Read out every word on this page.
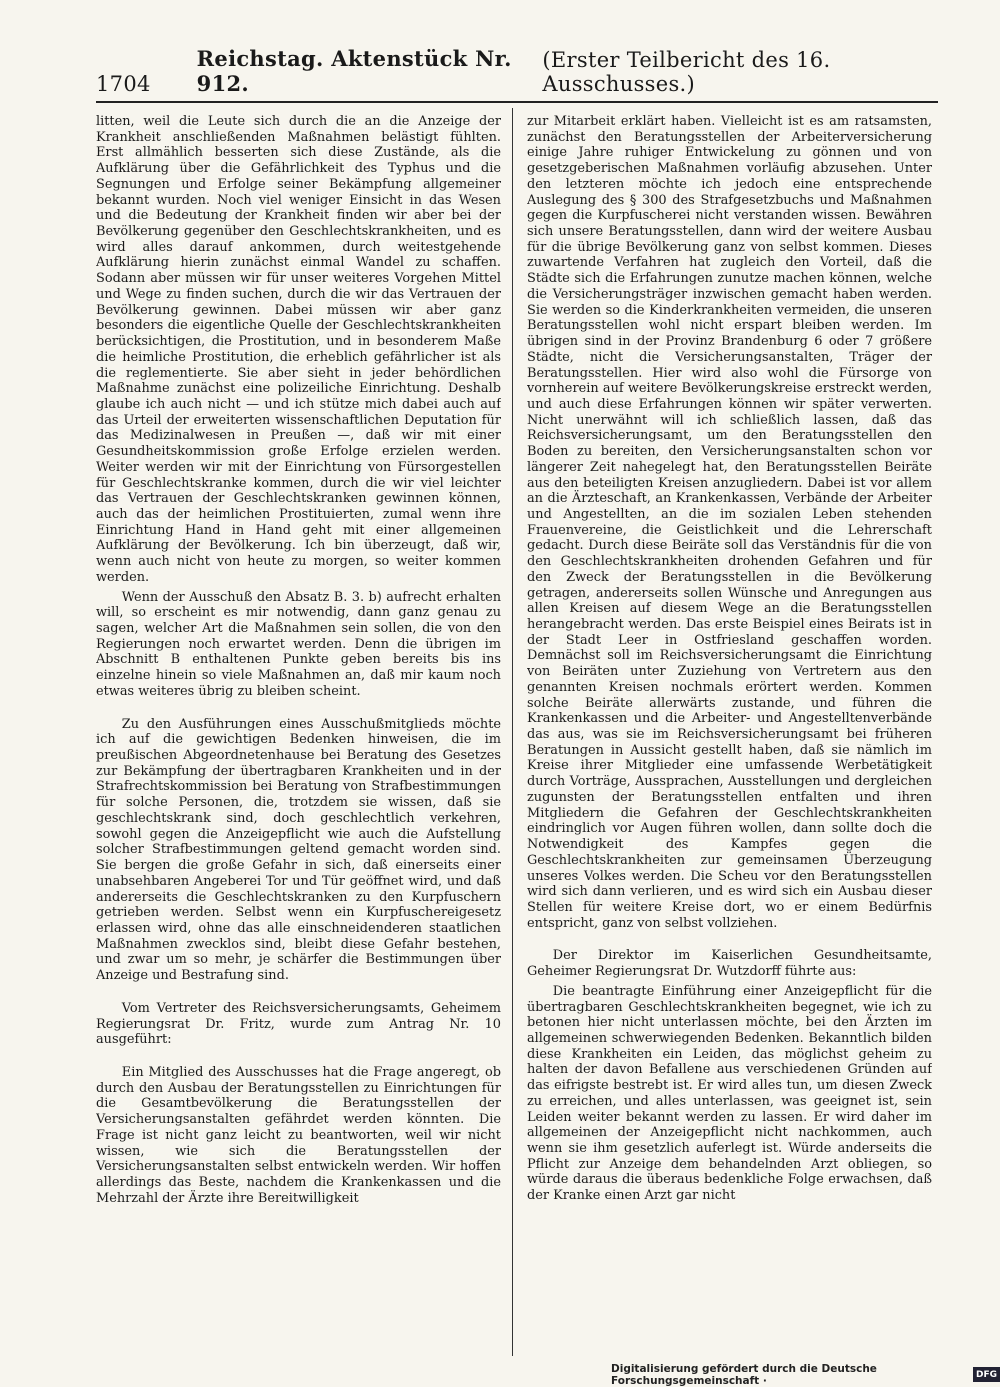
1704
Reichstag. Aktenstück Nr. 912.
(Erster Teilbericht des 16. Ausschusses.)

litten, weil die Leute sich durch die an die Anzeige der Krankheit anschließenden Maßnahmen belästigt fühlten. Erst allmählich besserten sich diese Zustände, als die Aufklärung über die Gefährlichkeit des Typhus und die Segnungen und Erfolge seiner Bekämpfung allgemeiner bekannt wurden. Noch viel weniger Einsicht in das Wesen und die Bedeutung der Krankheit finden wir aber bei der Bevölkerung gegenüber den Geschlechtskrankheiten, und es wird alles darauf ankommen, durch weitestgehende Aufklärung hierin zunächst einmal Wandel zu schaffen. Sodann aber müssen wir für unser weiteres Vorgehen Mittel und Wege zu finden suchen, durch die wir das Vertrauen der Bevölkerung gewinnen. Dabei müssen wir aber ganz besonders die eigentliche Quelle der Geschlechtskrankheiten berücksichtigen, die Prostitution, und in besonderem Maße die heimliche Prostitution, die erheblich gefährlicher ist als die reglementierte. Sie aber sieht in jeder behördlichen Maßnahme zunächst eine polizeiliche Einrichtung. Deshalb glaube ich auch nicht — und ich stütze mich dabei auch auf das Urteil der erweiterten wissenschaftlichen Deputation für das Medizinalwesen in Preußen —, daß wir mit einer Gesundheitskommission große Erfolge erzielen werden. Weiter werden wir mit der Einrichtung von Fürsorgestellen für Geschlechtskranke kommen, durch die wir viel leichter das Vertrauen der Geschlechtskranken gewinnen können, auch das der heimlichen Prostituierten, zumal wenn ihre Einrichtung Hand in Hand geht mit einer allgemeinen Aufklärung der Bevölkerung. Ich bin überzeugt, daß wir, wenn auch nicht von heute zu morgen, so weiter kommen werden.

Wenn der Ausschuß den Absatz B. 3. b) aufrecht erhalten will, so erscheint es mir notwendig, dann ganz genau zu sagen, welcher Art die Maßnahmen sein sollen, die von den Regierungen noch erwartet werden. Denn die übrigen im Abschnitt B enthaltenen Punkte geben bereits bis ins einzelne hinein so viele Maßnahmen an, daß mir kaum noch etwas weiteres übrig zu bleiben scheint.

Zu den Ausführungen eines Ausschußmitglieds möchte ich auf die gewichtigen Bedenken hinweisen, die im preußischen Abgeordnetenhause bei Beratung des Gesetzes zur Bekämpfung der übertragbaren Krankheiten und in der Strafrechtskommission bei Beratung von Strafbestimmungen für solche Personen, die, trotzdem sie wissen, daß sie geschlechtskrank sind, doch geschlechtlich verkehren, sowohl gegen die Anzeigepflicht wie auch die Aufstellung solcher Strafbestimmungen geltend gemacht worden sind. Sie bergen die große Gefahr in sich, daß einerseits einer unabsehbaren Angeberei Tor und Tür geöffnet wird, und daß andererseits die Geschlechtskranken zu den Kurpfuschern getrieben werden. Selbst wenn ein Kurpfuschereigesetz erlassen wird, ohne das alle einschneidenderen staatlichen Maßnahmen zwecklos sind, bleibt diese Gefahr bestehen, und zwar um so mehr, je schärfer die Bestimmungen über Anzeige und Bestrafung sind.

Vom Vertreter des Reichsversicherungsamts, Geheimem Regierungsrat Dr. Fritz, wurde zum Antrag Nr. 10 ausgeführt:

Ein Mitglied des Ausschusses hat die Frage angeregt, ob durch den Ausbau der Beratungsstellen zu Einrichtungen für die Gesamtbevölkerung die Beratungsstellen der Versicherungsanstalten gefährdet werden könnten. Die Frage ist nicht ganz leicht zu beantworten, weil wir nicht wissen, wie sich die Beratungsstellen der Versicherungsanstalten selbst entwickeln werden. Wir hoffen allerdings das Beste, nachdem die Krankenkassen und die Mehrzahl der Ärzte ihre Bereitwilligkeit

zur Mitarbeit erklärt haben. Vielleicht ist es am ratsamsten, zunächst den Beratungsstellen der Arbeiterversicherung einige Jahre ruhiger Entwickelung zu gönnen und von gesetzgeberischen Maßnahmen vorläufig abzusehen. Unter den letzteren möchte ich jedoch eine entsprechende Auslegung des § 300 des Strafgesetzbuchs und Maßnahmen gegen die Kurpfuscherei nicht verstanden wissen. Bewähren sich unsere Beratungsstellen, dann wird der weitere Ausbau für die übrige Bevölkerung ganz von selbst kommen. Dieses zuwartende Verfahren hat zugleich den Vorteil, daß die Städte sich die Erfahrungen zunutze machen können, welche die Versicherungsträger inzwischen gemacht haben werden. Sie werden so die Kinderkrankheiten vermeiden, die unseren Beratungsstellen wohl nicht erspart bleiben werden. Im übrigen sind in der Provinz Brandenburg 6 oder 7 größere Städte, nicht die Versicherungsanstalten, Träger der Beratungsstellen. Hier wird also wohl die Fürsorge von vornherein auf weitere Bevölkerungskreise erstreckt werden, und auch diese Erfahrungen können wir später verwerten. Nicht unerwähnt will ich schließlich lassen, daß das Reichsversicherungsamt, um den Beratungsstellen den Boden zu bereiten, den Versicherungsanstalten schon vor längerer Zeit nahegelegt hat, den Beratungsstellen Beiräte aus den beteiligten Kreisen anzugliedern. Dabei ist vor allem an die Ärzteschaft, an Krankenkassen, Verbände der Arbeiter und Angestellten, an die im sozialen Leben stehenden Frauenvereine, die Geistlichkeit und die Lehrerschaft gedacht. Durch diese Beiräte soll das Verständnis für die von den Geschlechtskrankheiten drohenden Gefahren und für den Zweck der Beratungsstellen in die Bevölkerung getragen, andererseits sollen Wünsche und Anregungen aus allen Kreisen auf diesem Wege an die Beratungsstellen herangebracht werden. Das erste Beispiel eines Beirats ist in der Stadt Leer in Ostfriesland geschaffen worden. Demnächst soll im Reichsversicherungsamt die Einrichtung von Beiräten unter Zuziehung von Vertretern aus den genannten Kreisen nochmals erörtert werden. Kommen solche Beiräte allerwärts zustande, und führen die Krankenkassen und die Arbeiter- und Angestelltenverbände das aus, was sie im Reichsversicherungsamt bei früheren Beratungen in Aussicht gestellt haben, daß sie nämlich im Kreise ihrer Mitglieder eine umfassende Werbetätigkeit durch Vorträge, Aussprachen, Ausstellungen und dergleichen zugunsten der Beratungsstellen entfalten und ihren Mitgliedern die Gefahren der Geschlechtskrankheiten eindringlich vor Augen führen wollen, dann sollte doch die Notwendigkeit des Kampfes gegen die Geschlechtskrankheiten zur gemeinsamen Überzeugung unseres Volkes werden. Die Scheu vor den Beratungsstellen wird sich dann verlieren, und es wird sich ein Ausbau dieser Stellen für weitere Kreise dort, wo er einem Bedürfnis entspricht, ganz von selbst vollziehen.

Der Direktor im Kaiserlichen Gesundheitsamte, Geheimer Regierungsrat Dr. Wutzdorff führte aus:

Die beantragte Einführung einer Anzeigepflicht für die übertragbaren Geschlechtskrankheiten begegnet, wie ich zu betonen hier nicht unterlassen möchte, bei den Ärzten im allgemeinen schwerwiegenden Bedenken. Bekanntlich bilden diese Krankheiten ein Leiden, das möglichst geheim zu halten der davon Befallene aus verschiedenen Gründen auf das eifrigste bestrebt ist. Er wird alles tun, um diesen Zweck zu erreichen, und alles unterlassen, was geeignet ist, sein Leiden weiter bekannt werden zu lassen. Er wird daher im allgemeinen der Anzeigepflicht nicht nachkommen, auch wenn sie ihm gesetzlich auferlegt ist. Würde anderseits die Pflicht zur Anzeige dem behandelnden Arzt obliegen, so würde daraus die überaus bedenkliche Folge erwachsen, daß der Kranke einen Arzt gar nicht

Digitalisierung gefördert durch die Deutsche Forschungsgemeinschaft ·	DFG
